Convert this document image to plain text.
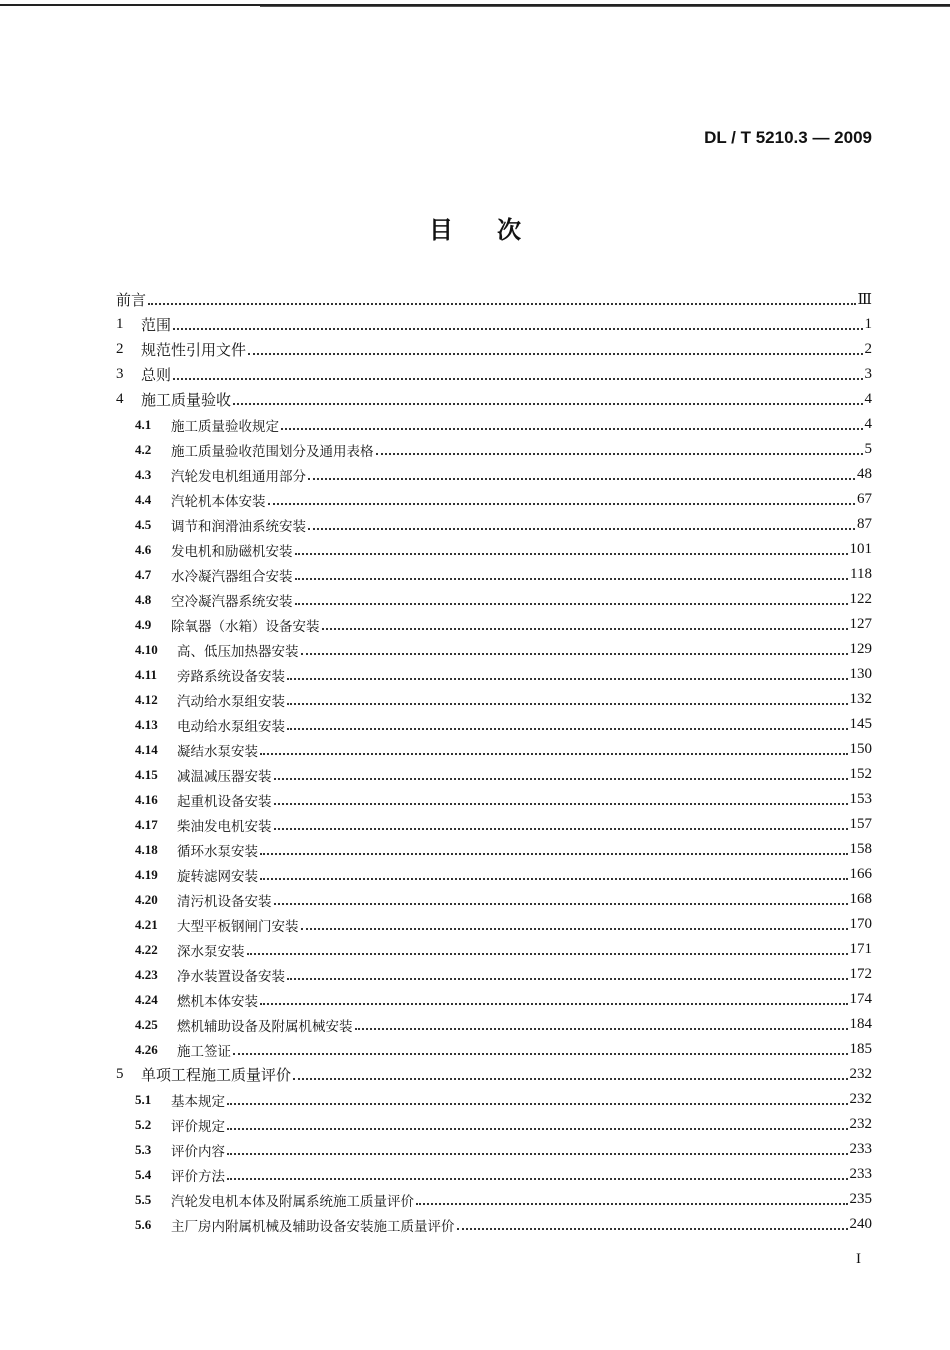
DL / T 5210.3 — 2009
目次
前言	Ⅲ
1	范围	1
2	规范性引用文件	2
3	总则	3
4	施工质量验收	4
4.1	施工质量验收规定	4
4.2	施工质量验收范围划分及通用表格	5
4.3	汽轮发电机组通用部分	48
4.4	汽轮机本体安装	67
4.5	调节和润滑油系统安装	87
4.6	发电机和励磁机安装	101
4.7	水冷凝汽器组合安装	118
4.8	空冷凝汽器系统安装	122
4.9	除氧器（水箱）设备安装	127
4.10	高、低压加热器安装	129
4.11	旁路系统设备安装	130
4.12	汽动给水泵组安装	132
4.13	电动给水泵组安装	145
4.14	凝结水泵安装	150
4.15	减温减压器安装	152
4.16	起重机设备安装	153
4.17	柴油发电机安装	157
4.18	循环水泵安装	158
4.19	旋转滤网安装	166
4.20	清污机设备安装	168
4.21	大型平板钢闸门安装	170
4.22	深水泵安装	171
4.23	净水装置设备安装	172
4.24	燃机本体安装	174
4.25	燃机辅助设备及附属机械安装	184
4.26	施工签证	185
5	单项工程施工质量评价	232
5.1	基本规定	232
5.2	评价规定	232
5.3	评价内容	233
5.4	评价方法	233
5.5	汽轮发电机本体及附属系统施工质量评价	235
5.6	主厂房内附属机械及辅助设备安装施工质量评价	240
I
